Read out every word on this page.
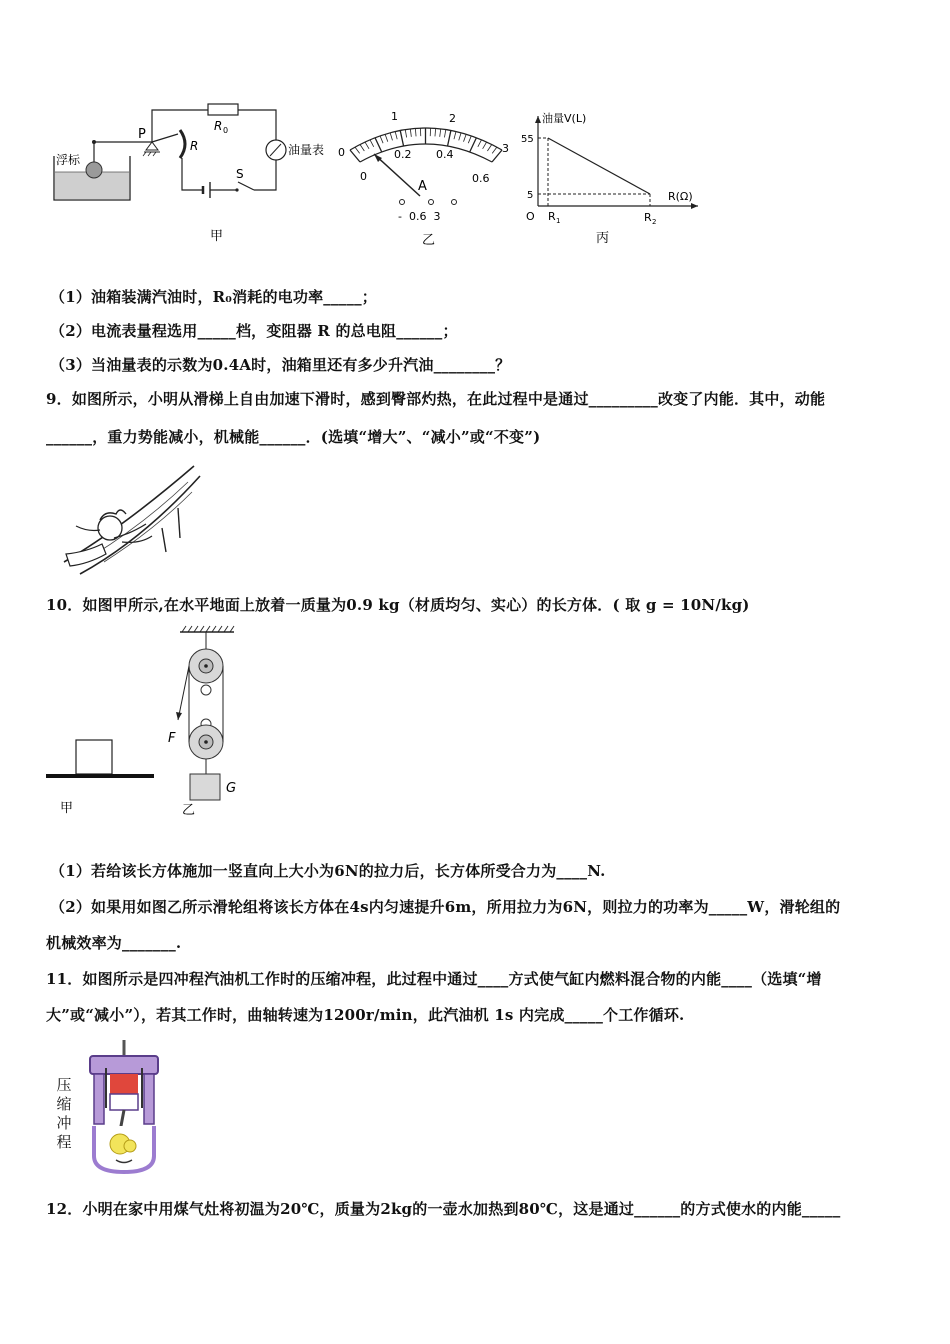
浮标
P
R
R 0
S
油量表
甲
1	2
0
0
3
0.2 0.4
0.6
A
-  0.6  3
乙
油量V(L)
R(Ω)
55
5
O R 1	R 2
丙
（1）油箱装满汽油时，R₀消耗的电功率_____；
（2）电流表量程选用_____档，变阻器 R 的总电阻______；
（3）当油量表的示数为0.4A时，油箱里还有多少升汽油________？
9．如图所示，小明从滑梯上自由加速下滑时，感到臀部灼热，在此过程中是通过_________改变了内能．其中，动能
______，重力势能减小，机械能______．(选填“增大”、“减小”或“不变”)
10．如图甲所示,在水平地面上放着一质量为0.9 kg（材质均匀、实心）的长方体．( 取 g = 10N/kg)
甲
F
G
乙
（1）若给该长方体施加一竖直向上大小为6N的拉力后，长方体所受合力为____N.
（2）如果用如图乙所示滑轮组将该长方体在4s内匀速提升6m，所用拉力为6N，则拉力的功率为_____W，滑轮组的
机械效率为_______.
11．如图所示是四冲程汽油机工作时的压缩冲程，此过程中通过____方式使气缸内燃料混合物的内能____（选填“增
大”或“减小”），若其工作时，曲轴转速为1200r/min，此汽油机 1s 内完成_____个工作循环.
压
缩
冲
程
12．小明在家中用煤气灶将初温为20℃，质量为2kg的一壶水加热到80℃，这是通过______的方式使水的内能_____
